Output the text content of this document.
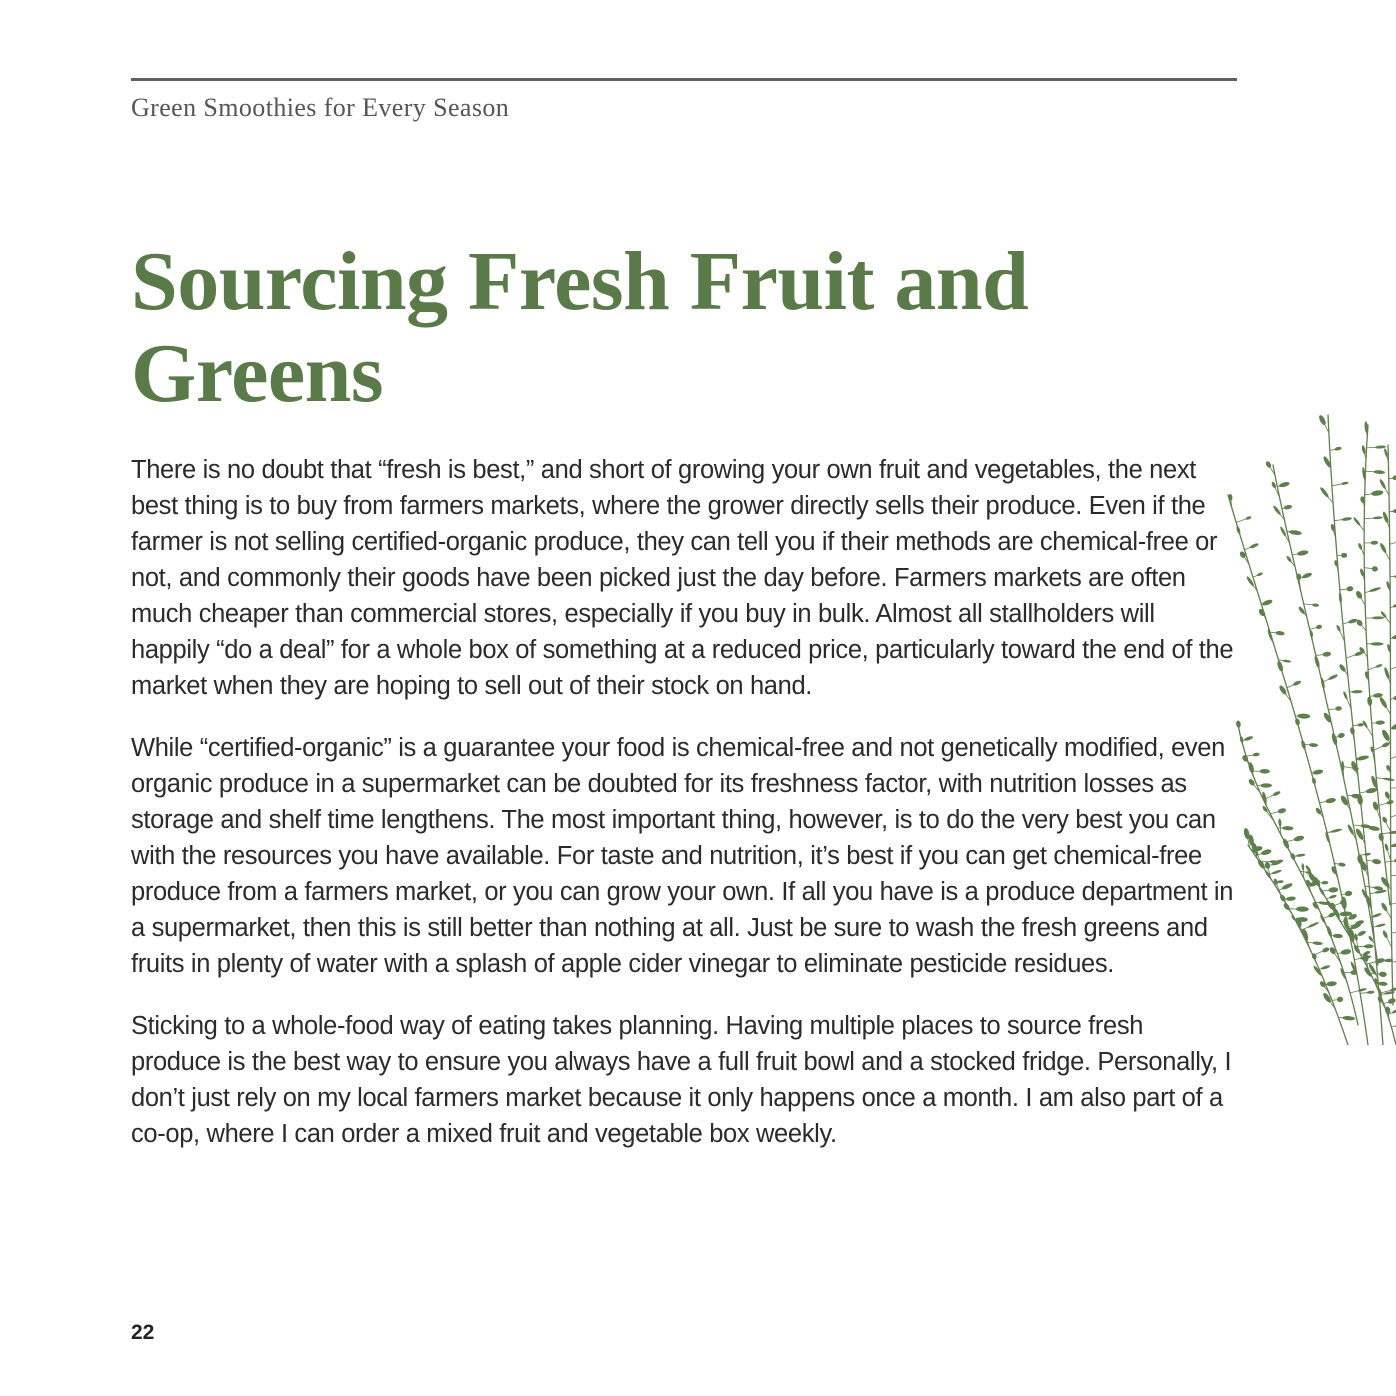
Green Smoothies for Every Season
Sourcing Fresh Fruit and Greens

There is no doubt that “fresh is best,” and short of growing your own fruit and vegetables, the next best thing is to buy from farmers markets, where the grower directly sells their produce. Even if the farmer is not selling certified-organic produce, they can tell you if their methods are chemical-free or not, and commonly their goods have been picked just the day before. Farmers markets are often much cheaper than commercial stores, especially if you buy in bulk. Almost all stallholders will happily “do a deal” for a whole box of something at a reduced price, particularly toward the end of the market when they are hoping to sell out of their stock on hand.

While “certified-organic” is a guarantee your food is chemical-free and not genetically modified, even organic produce in a supermarket can be doubted for its freshness factor, with nutrition losses as storage and shelf time lengthens. The most important thing, however, is to do the very best you can with the resources you have available. For taste and nutrition, it’s best if you can get chemical-free produce from a farmers market, or you can grow your own. If all you have is a produce department in a supermarket, then this is still better than nothing at all. Just be sure to wash the fresh greens and fruits in plenty of water with a splash of apple cider vinegar to eliminate pesticide residues.

Sticking to a whole-food way of eating takes planning. Having multiple places to source fresh produce is the best way to ensure you always have a full fruit bowl and a stocked fridge. Personally, I don’t just rely on my local farmers market because it only happens once a month. I am also part of a co-op, where I can order a mixed fruit and vegetable box weekly.

22
